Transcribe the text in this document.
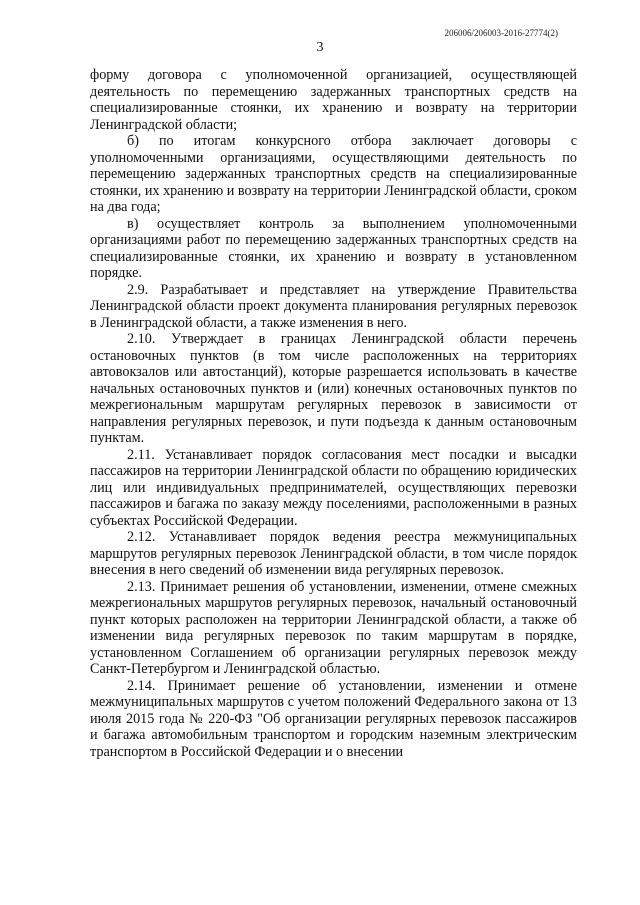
206006/206003-2016-27774(2)
3

форму договора с уполномоченной организацией, осуществляющей деятельность по перемещению задержанных транспортных средств на специализированные стоянки, их хранению и возврату на территории Ленинградской области;

б) по итогам конкурсного отбора заключает договоры с уполномоченными организациями, осуществляющими деятельность по перемещению задержанных транспортных средств на специализированные стоянки, их хранению и возврату на территории Ленинградской области, сроком на два года;

в) осуществляет контроль за выполнением уполномоченными организациями работ по перемещению задержанных транспортных средств на специализированные стоянки, их хранению и возврату в установленном порядке.

2.9. Разрабатывает и представляет на утверждение Правительства Ленинградской области проект документа планирования регулярных перевозок в Ленинградской области, а также изменения в него.

2.10. Утверждает в границах Ленинградской области перечень остановочных пунктов (в том числе расположенных на территориях автовокзалов или автостанций), которые разрешается использовать в качестве начальных остановочных пунктов и (или) конечных остановочных пунктов по межрегиональным маршрутам регулярных перевозок в зависимости от направления регулярных перевозок, и пути подъезда к данным остановочным пунктам.

2.11. Устанавливает порядок согласования мест посадки и высадки пассажиров на территории Ленинградской области по обращению юридических лиц или индивидуальных предпринимателей, осуществляющих перевозки пассажиров и багажа по заказу между поселениями, расположенными в разных субъектах Российской Федерации.

2.12. Устанавливает порядок ведения реестра межмуниципальных маршрутов регулярных перевозок Ленинградской области, в том числе порядок внесения в него сведений об изменении вида регулярных перевозок.

2.13. Принимает решения об установлении, изменении, отмене смежных межрегиональных маршрутов регулярных перевозок, начальный остановочный пункт которых расположен на территории Ленинградской области, а также об изменении вида регулярных перевозок по таким маршрутам в порядке, установленном Соглашением об организации регулярных перевозок между Санкт-Петербургом и Ленинградской областью.

2.14. Принимает решение об установлении, изменении и отмене межмуниципальных маршрутов с учетом положений Федерального закона от 13 июля 2015 года № 220-ФЗ "Об организации регулярных перевозок пассажиров и багажа автомобильным транспортом и городским наземным электрическим транспортом в Российской Федерации и о внесении
